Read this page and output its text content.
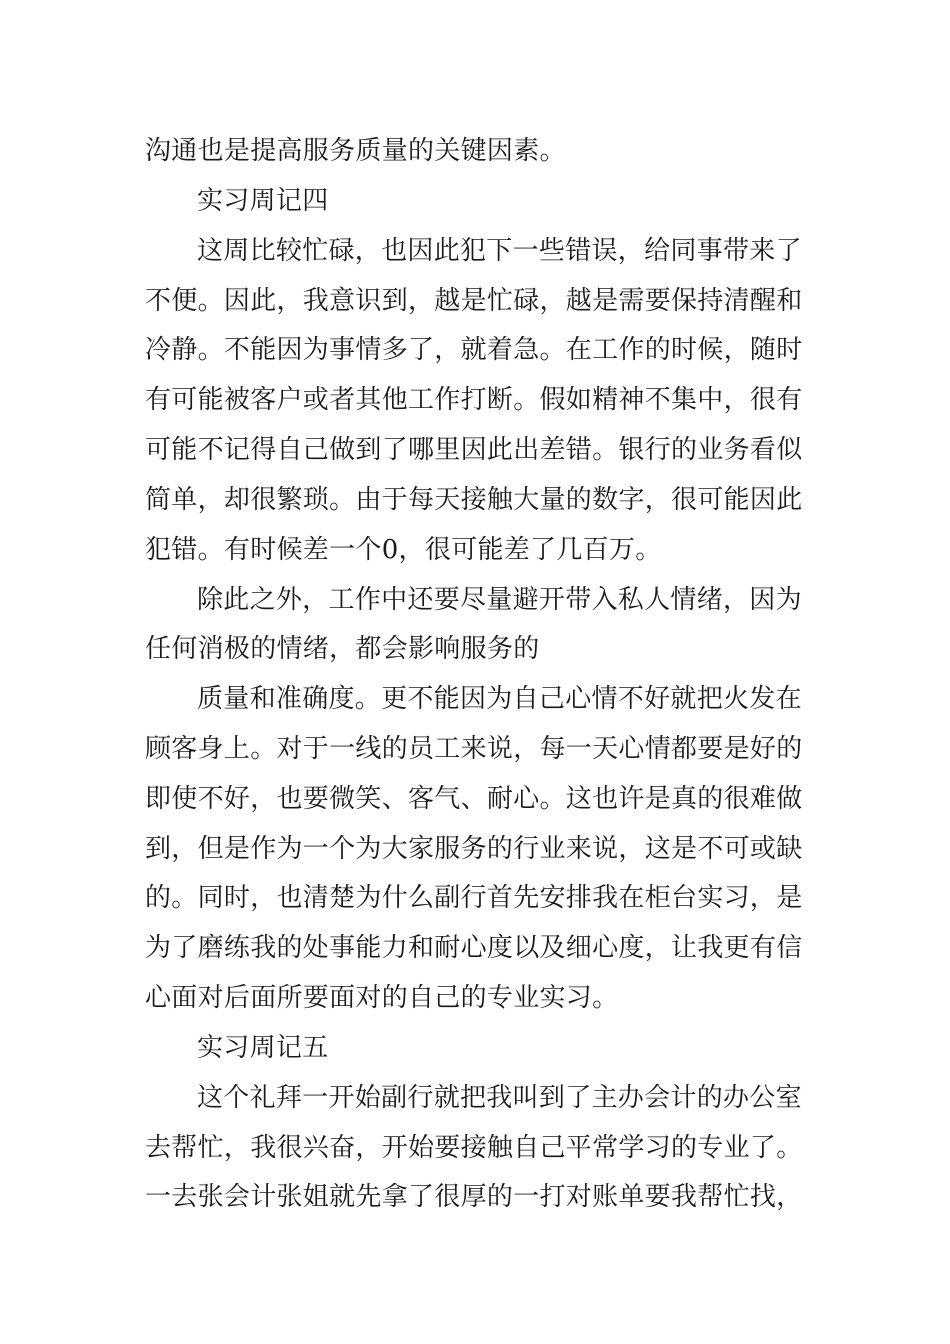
沟通也是提高服务质量的关键因素。
实习周记四
这周比较忙碌，也因此犯下一些错误，给同事带来了
不便。因此，我意识到，越是忙碌，越是需要保持清醒和
冷静。不能因为事情多了，就着急。在工作的时候，随时
有可能被客户或者其他工作打断。假如精神不集中，很有
可能不记得自己做到了哪里因此出差错。银行的业务看似
简单，却很繁琐。由于每天接触大量的数字，很可能因此
犯错。有时候差一个0，很可能差了几百万。
除此之外，工作中还要尽量避开带入私人情绪，因为
任何消极的情绪，都会影响服务的
质量和准确度。更不能因为自己心情不好就把火发在
顾客身上。对于一线的员工来说，每一天心情都要是好的
即使不好，也要微笑、客气、耐心。这也许是真的很难做
到，但是作为一个为大家服务的行业来说，这是不可或缺
的。同时，也清楚为什么副行首先安排我在柜台实习，是
为了磨练我的处事能力和耐心度以及细心度，让我更有信
心面对后面所要面对的自己的专业实习。
实习周记五
这个礼拜一开始副行就把我叫到了主办会计的办公室
去帮忙，我很兴奋，开始要接触自己平常学习的专业了。
一去张会计张姐就先拿了很厚的一打对账单要我帮忙找，
